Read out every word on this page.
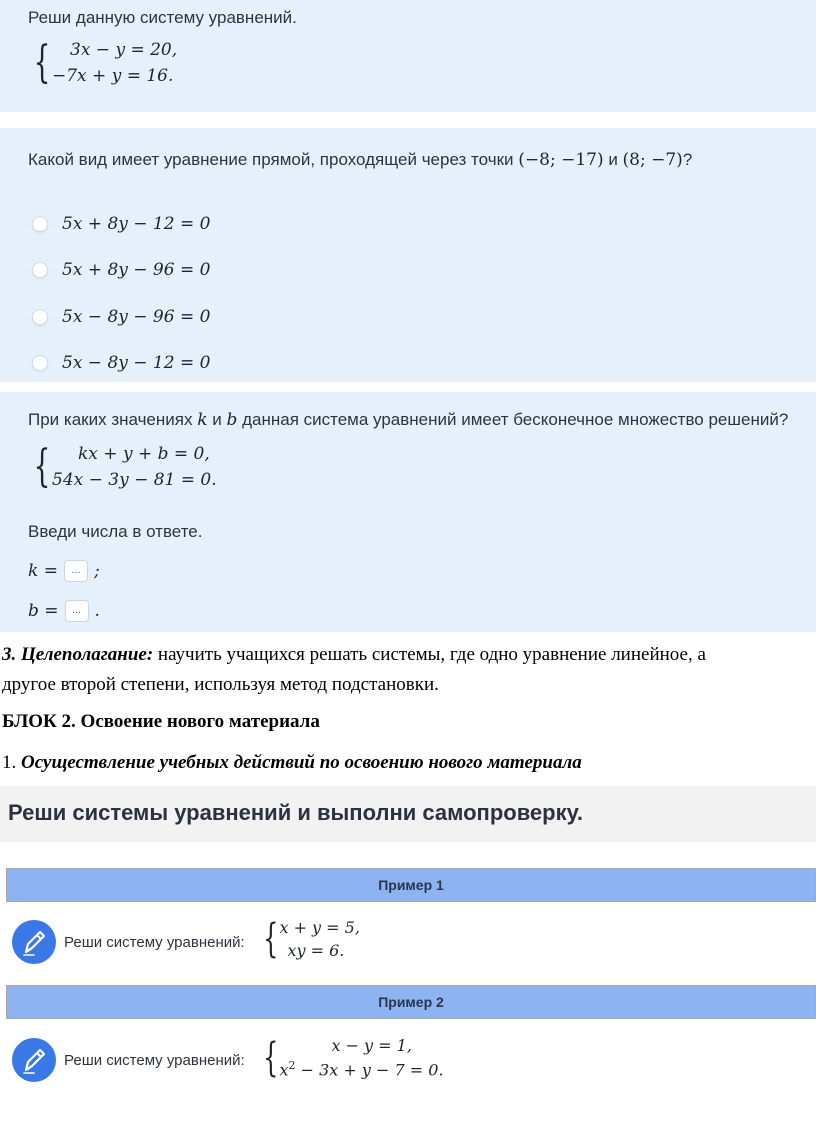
Реши данную систему уравнений.
{	3x − y = 20,
−7x + y = 16.
Какой вид имеет уравнение прямой, проходящей через точки (−8; −17) и (8; −7)?
5x + 8y − 12 = 0
5x + 8y − 96 = 0
5x − 8y − 96 = 0
5x − 8y − 12 = 0
При каких значениях k и b данная система уравнений имеет бесконечное множество решений?
{	kx + y + b = 0,
54x − 3y − 81 = 0.
Введи числа в ответе.
k =	... ;
b =	... .
3. Целеполагание: научить учащихся решать системы, где одно уравнение линейное, а
другое второй степени, используя метод подстановки.
БЛОК 2. Освоение нового материала
1. Осуществление учебных действий по освоению нового материала
Реши системы уравнений и выполни самопроверку.
Пример 1
Реши систему уравнений: { x + y = 5,
xy = 6.
Пример 2
Реши систему уравнений: {	x − y = 1,
$x^2 - 3x + y - 7 = 0$.
